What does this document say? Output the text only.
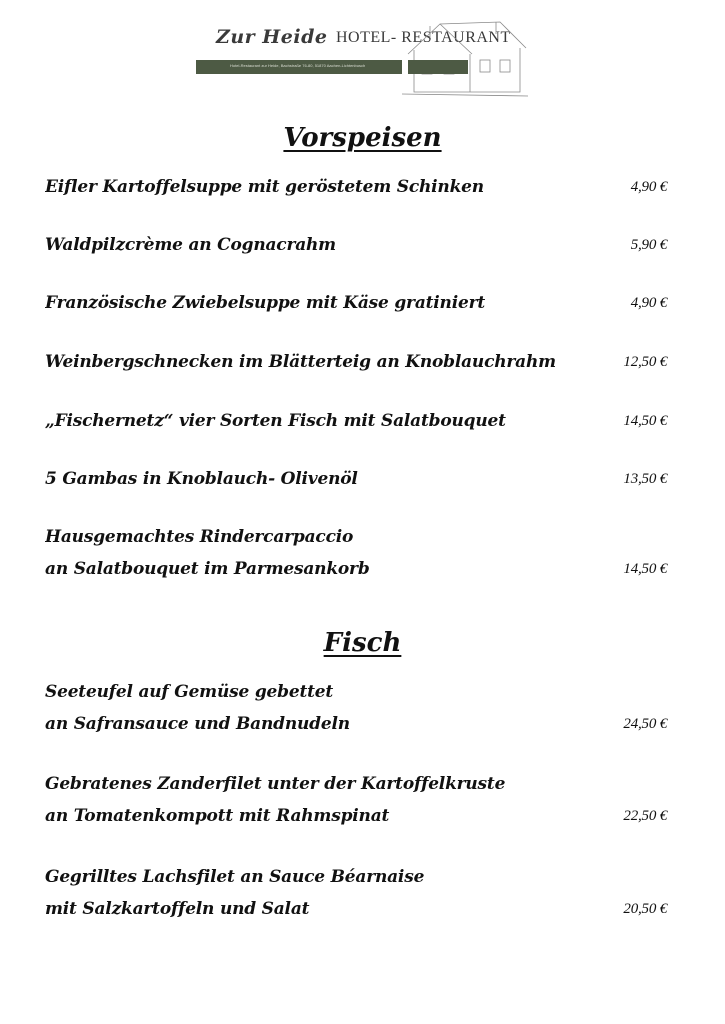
Zur Heide HOTEL- RESTAURANT
Hotel-Restaurant zur Heide, Bachstraße 76-80, 51870 Aachen-Lichtenbusch
Vorspeisen
Eifler Kartoffelsuppe mit geröstetem Schinken	4,90 €
Waldpilzcrème an Cognacrahm	5,90 €
Französische Zwiebelsuppe mit Käse gratiniert	4,90 €
Weinbergschnecken im Blätterteig an Knoblauchrahm	12,50 €
„Fischernetz“ vier Sorten Fisch mit Salatbouquet	14,50 €
5 Gambas in Knoblauch- Olivenöl	13,50 €
Hausgemachtes Rindercarpaccio
an Salatbouquet im Parmesankorb	14,50 €
Fisch
Seeteufel auf Gemüse gebettet
an Safransauce und Bandnudeln	24,50 €
Gebratenes Zanderfilet unter der Kartoffelkruste
an Tomatenkompott mit Rahmspinat	22,50 €
Gegrilltes Lachsfilet an Sauce Béarnaise
mit Salzkartoffeln und Salat	20,50 €
